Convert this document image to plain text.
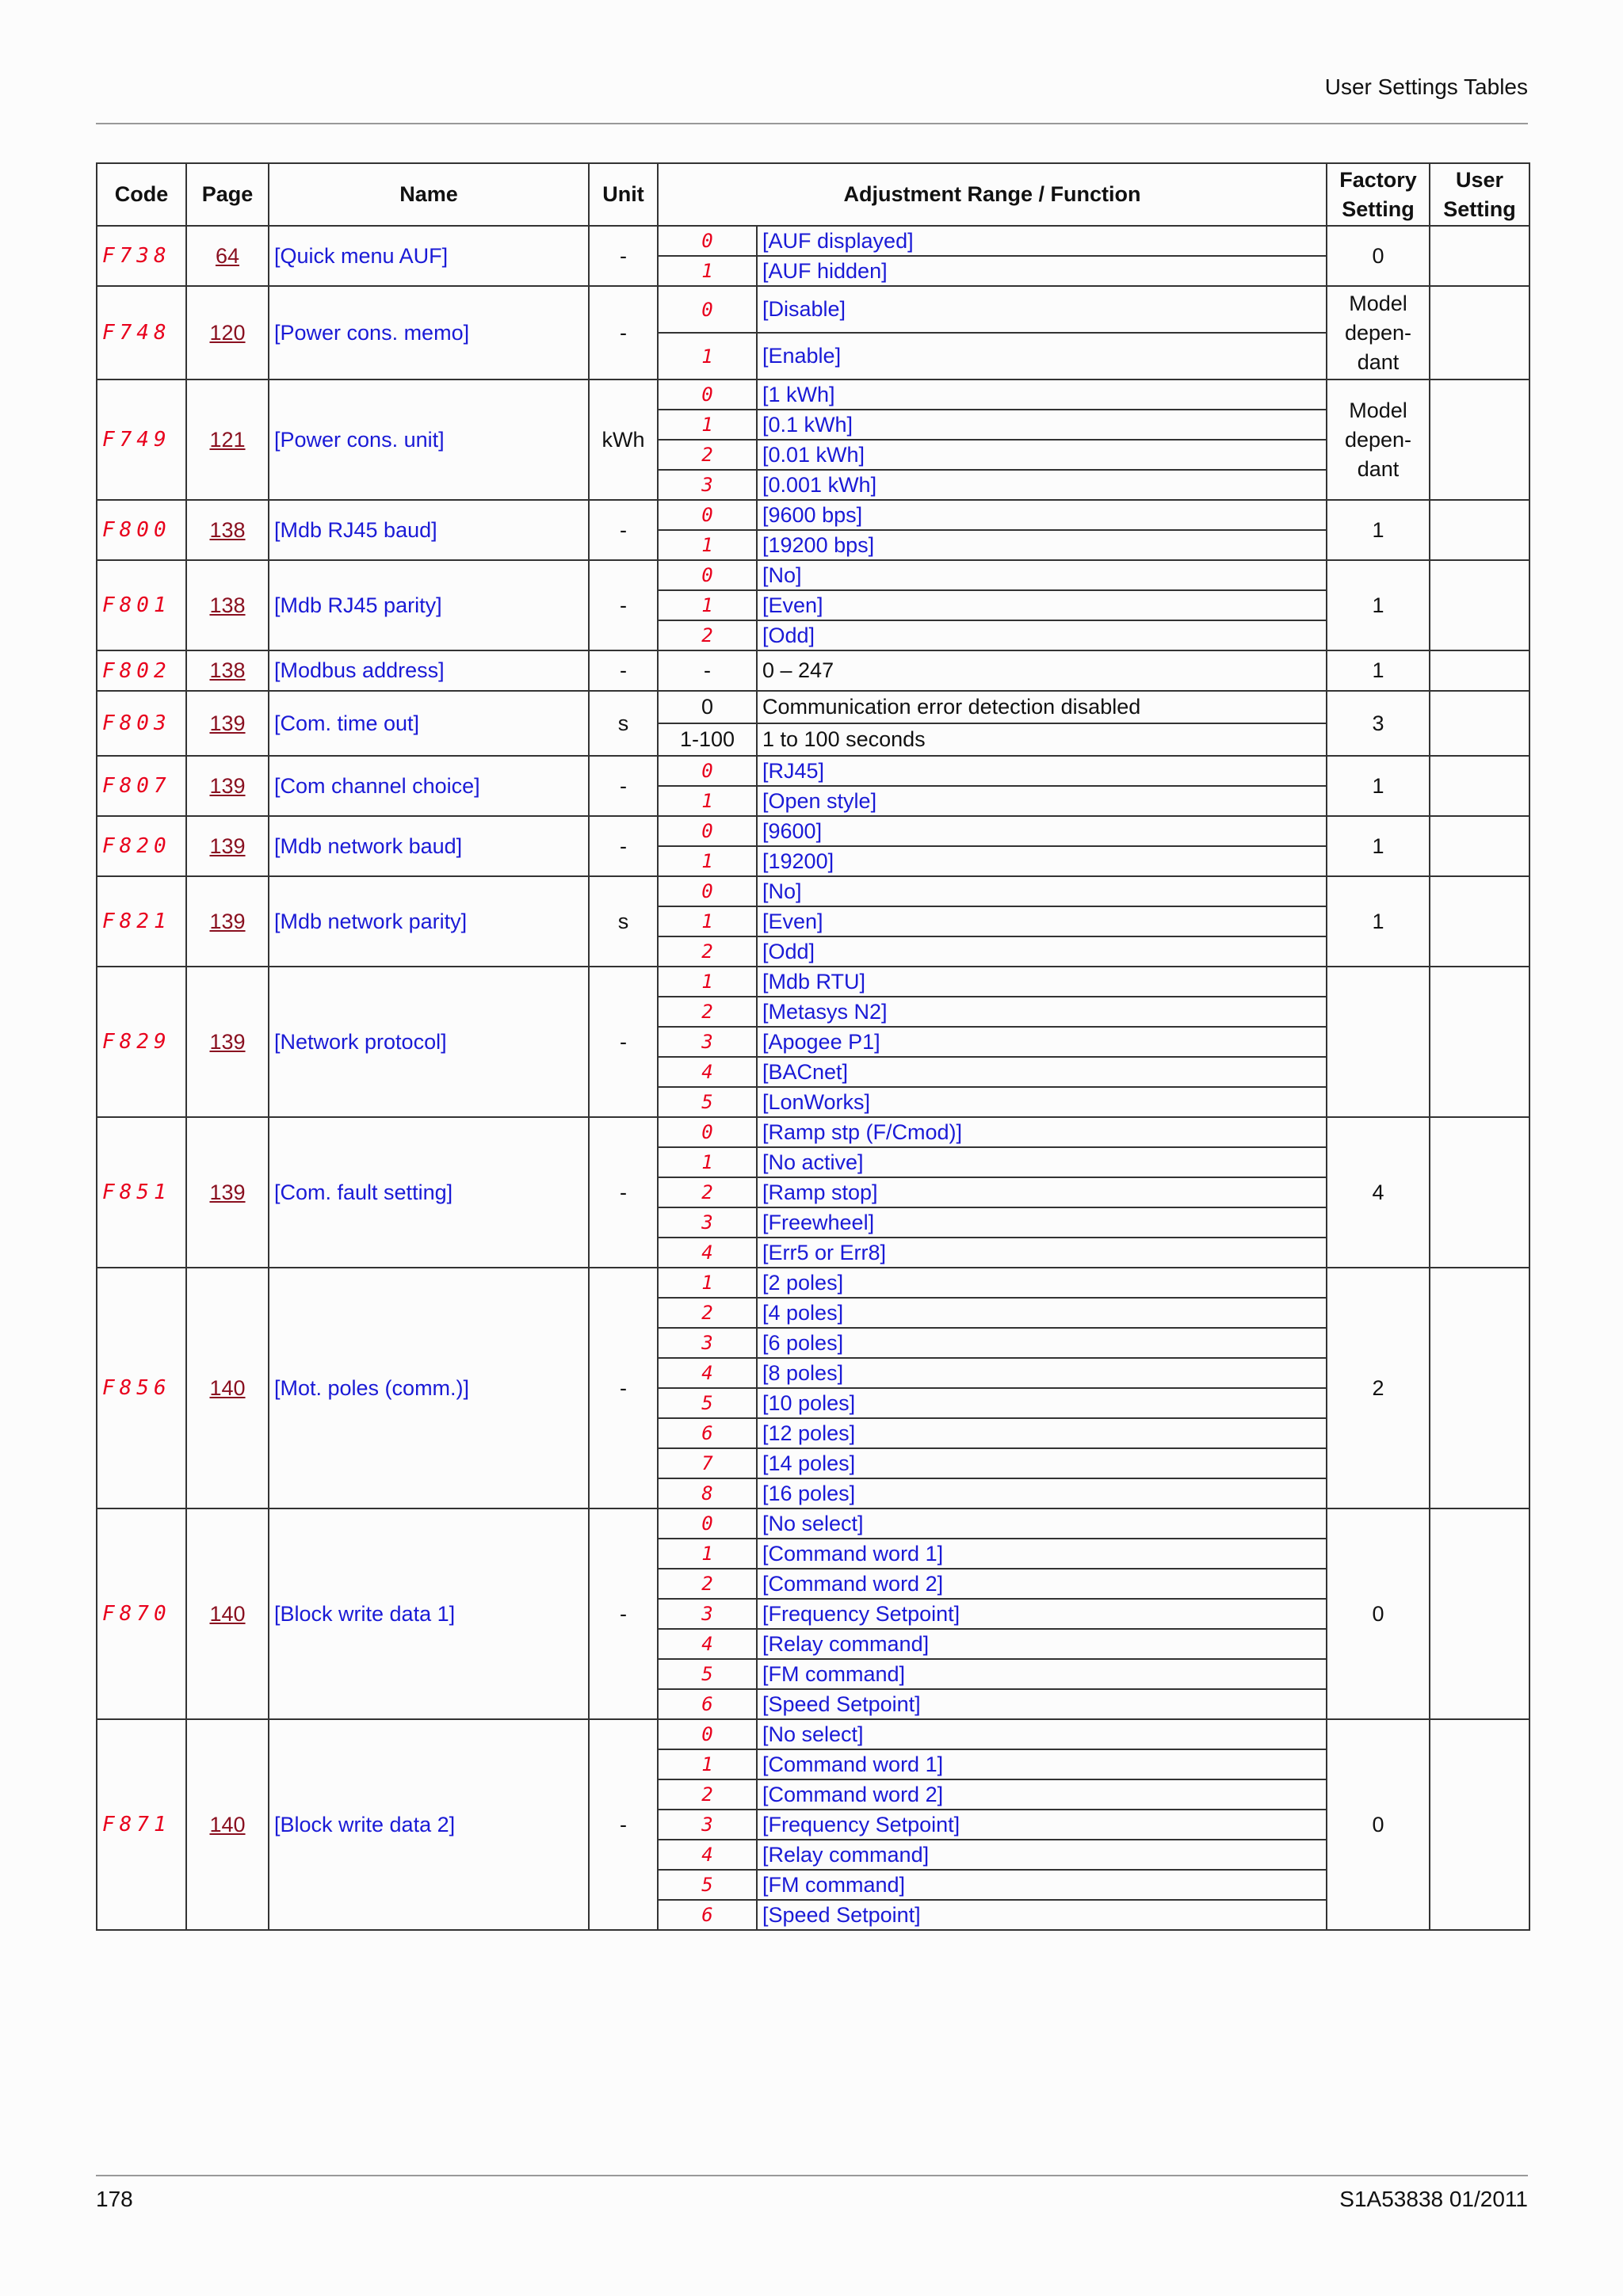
User Settings Tables
Code	Page	Name	Unit	Adjustment Range / Function		Factory Setting	User Setting
F738	64	[Quick menu AUF]	-	0	[AUF displayed]	0	
				1	[AUF hidden]		
F748	120	[Power cons. memo]	-	0	[Disable]	Model depen-dant	
				1	[Enable]		
F749	121	[Power cons. unit]	kWh	0	[1 kWh]	Model depen-dant	
				1	[0.1 kWh]		
				2	[0.01 kWh]		
				3	[0.001 kWh]		
F800	138	[Mdb RJ45 baud]	-	0	[9600 bps]	1	
				1	[19200 bps]		
F801	138	[Mdb RJ45 parity]	-	0	[No]	1	
				1	[Even]		
				2	[Odd]		
F802	138	[Modbus address]	-	-	0 – 247	1	
F803	139	[Com. time out]	s	0	Communication error detection disabled	3	
				1-100	1 to 100 seconds		
F807	139	[Com channel choice]	-	0	[RJ45]	1	
				1	[Open style]		
F820	139	[Mdb network baud]	-	0	[9600]	1	
				1	[19200]		
F821	139	[Mdb network parity]	s	0	[No]	1	
				1	[Even]		
				2	[Odd]		
F829	139	[Network protocol]	-	1	[Mdb RTU]		
				2	[Metasys N2]		
				3	[Apogee P1]		
				4	[BACnet]		
				5	[LonWorks]		
F851	139	[Com. fault setting]	-	0	[Ramp stp (F/Cmod)]	4	
				1	[No active]		
				2	[Ramp stop]		
				3	[Freewheel]		
				4	[Err5 or Err8]		
F856	140	[Mot. poles (comm.)]	-	1	[2 poles]	2	
				2	[4 poles]		
				3	[6 poles]		
				4	[8 poles]		
				5	[10 poles]		
				6	[12 poles]		
				7	[14 poles]		
				8	[16 poles]		
F870	140	[Block write data 1]	-	0	[No select]	0	
				1	[Command word 1]		
				2	[Command word 2]		
				3	[Frequency Setpoint]		
				4	[Relay command]		
				5	[FM command]		
				6	[Speed Setpoint]		
F871	140	[Block write data 2]	-	0	[No select]	0	
				1	[Command word 1]		
				2	[Command word 2]		
				3	[Frequency Setpoint]		
				4	[Relay command]		
				5	[FM command]		
				6	[Speed Setpoint]		
178	S1A53838 01/2011
